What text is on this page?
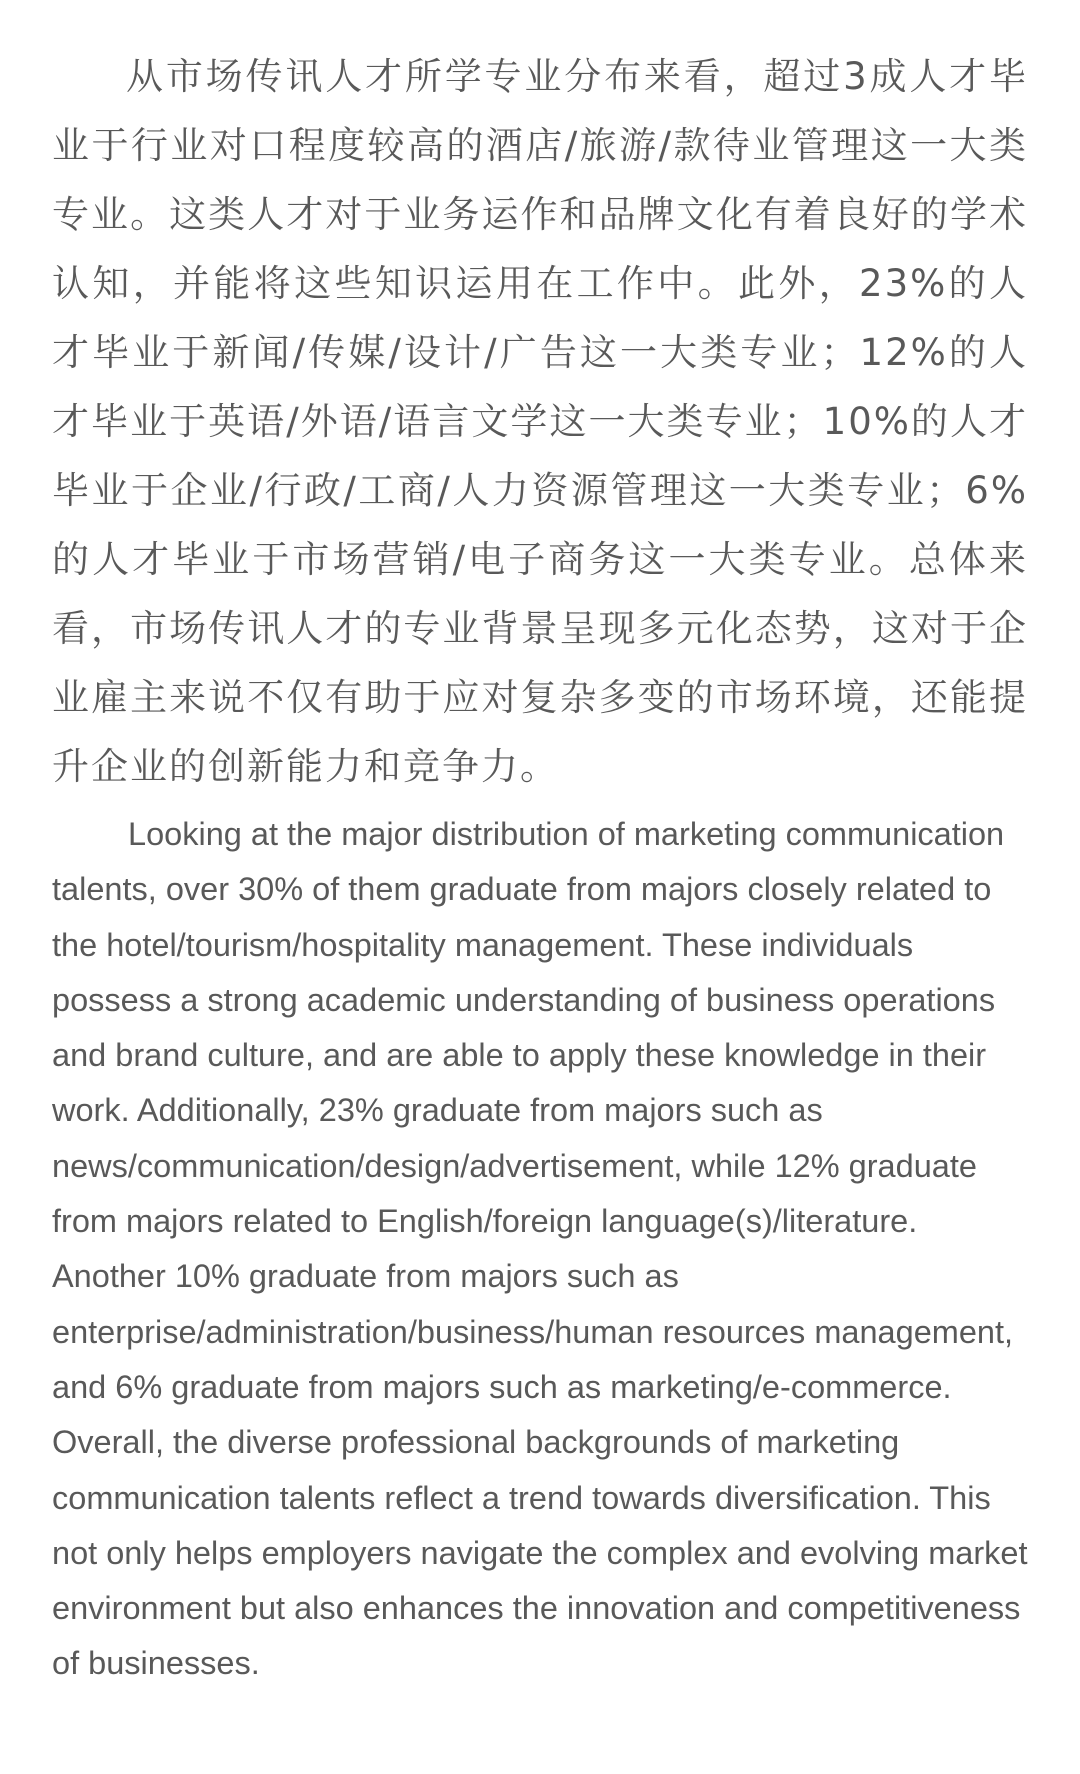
从市场传讯人才所学专业分布来看，超过3成人才毕业于行业对口程度较高的酒店/旅游/款待业管理这一大类专业。这类人才对于业务运作和品牌文化有着良好的学术认知，并能将这些知识运用在工作中。此外，23%的人才毕业于新闻/传媒/设计/广告这一大类专业；12%的人才毕业于英语/外语/语言文学这一大类专业；10%的人才毕业于企业/行政/工商/人力资源管理这一大类专业；6%的人才毕业于市场营销/电子商务这一大类专业。总体来看，市场传讯人才的专业背景呈现多元化态势，这对于企业雇主来说不仅有助于应对复杂多变的市场环境，还能提升企业的创新能力和竞争力。

Looking at the major distribution of marketing communication talents, over 30% of them graduate from majors closely related to the hotel/tourism/hospitality management. These individuals possess a strong academic understanding of business operations and brand culture, and are able to apply these knowledge in their work. Additionally, 23% graduate from majors such as news/communication/design/advertisement, while 12% graduate from majors related to English/foreign language(s)/literature. Another 10% graduate from majors such as enterprise/administration/business/human resources management, and 6% graduate from majors such as marketing/e-commerce. Overall, the diverse professional backgrounds of marketing communication talents reflect a trend towards diversification. This not only helps employers navigate the complex and evolving market environment but also enhances the innovation and competitiveness of businesses.
